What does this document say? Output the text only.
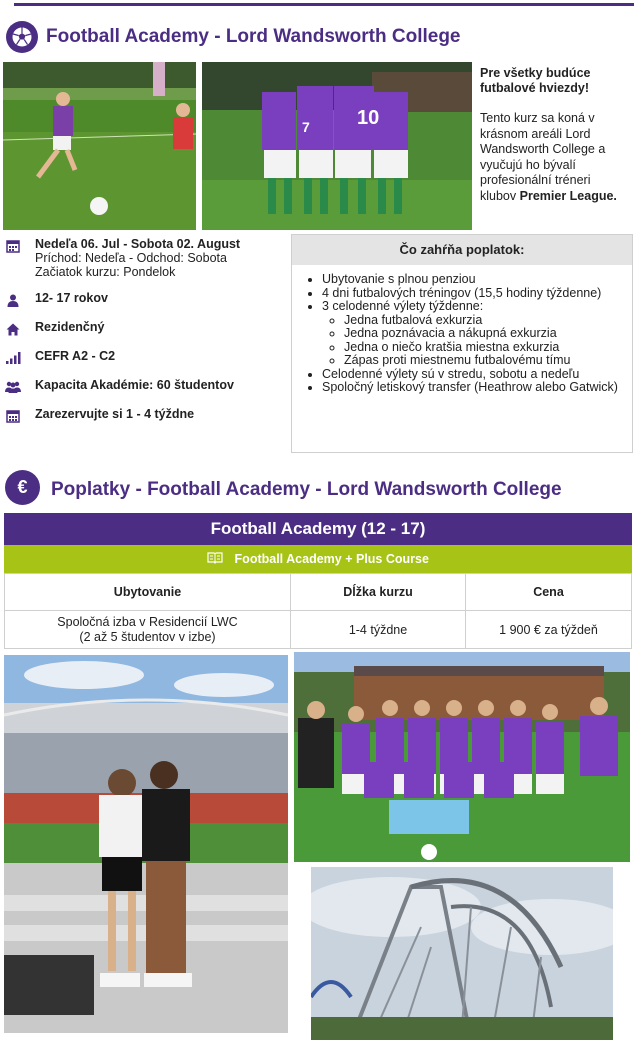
Football Academy - Lord Wandsworth College
10
7
Pre všetky budúce futbalové hviezdy!
Tento kurz sa koná v krásnom areáli Lord Wandsworth College a vyučujú ho bývalí profesionální tréneri klubov Premier League.
Nedeľa 06. Jul - Sobota 02. August
Príchod: Nedeľa - Odchod: Sobota
Začiatok kurzu: Pondelok
12- 17 rokov
Rezidenčný
CEFR A2 - C2
Kapacita Akadémie: 60 študentov
Zarezervujte si 1 - 4 týždne
Čo zahŕňa poplatok:
• Ubytovanie s plnou penziou
• 4 dni futbalových tréningov (15,5 hodiny týždenne)
• 3 celodenné výlety týždenne:
◦ Jedna futbalová exkurzia
◦ Jedna poznávacia a nákupná exkurzia
◦ Jedna o niečo kratšia miestna exkurzia
◦ Zápas proti miestnemu futbalovému tímu
• Celodenné výlety sú v stredu, sobotu a nedeľu
• Spoločný letiskový transfer (Heathrow alebo Gatwick)
€ Poplatky - Football Academy - Lord Wandsworth College
Football Academy (12 - 17)
Football Academy + Plus Course
Ubytovanie	Dĺžka kurzu	Cena

Spoločná izba v Residencií LWC
(2 až 5 študentov v izbe)	1-4 týždne	1 900 € za týždeň
